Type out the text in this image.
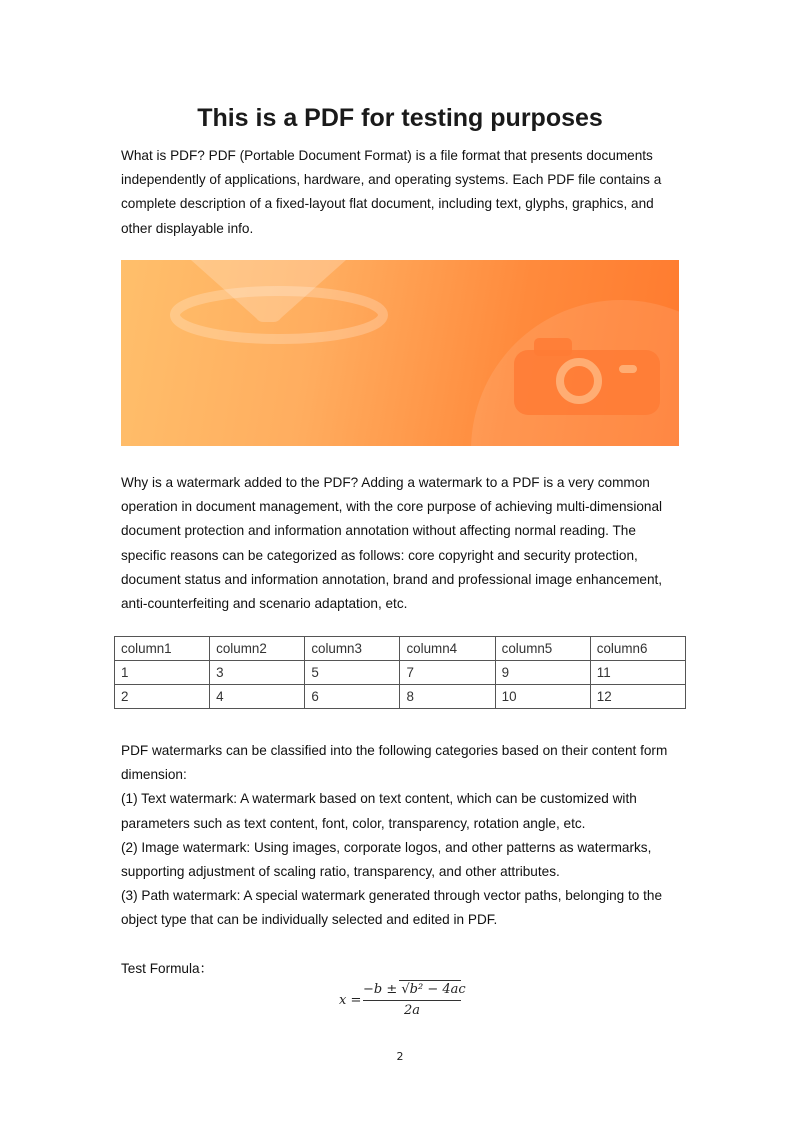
This is a PDF for testing purposes
What is PDF? PDF (Portable Document Format) is a file format that presents documents independently of applications, hardware, and operating systems. Each PDF file contains a complete description of a fixed-layout flat document, including text, glyphs, graphics, and other displayable info.
Why is a watermark added to the PDF? Adding a watermark to a PDF is a very common operation in document management, with the core purpose of achieving multi-dimensional document protection and information annotation without affecting normal reading. The specific reasons can be categorized as follows: core copyright and security protection, document status and information annotation, brand and professional image enhancement, anti-counterfeiting and scenario adaptation, etc.
column1	column2	column3	column4	column5	column6
1	3	5	7	9	11
2	4	6	8	10	12
PDF watermarks can be classified into the following categories based on their content form dimension:
(1) Text watermark: A watermark based on text content, which can be customized with parameters such as text content, font, color, transparency, rotation angle, etc.
(2) Image watermark: Using images, corporate logos, and other patterns as watermarks, supporting adjustment of scaling ratio, transparency, and other attributes.
(3) Path watermark: A special watermark generated through vector paths, belonging to the object type that can be individually selected and edited in PDF.
Test Formula：
x =
−b ± √b² − 4ac
2a
2
